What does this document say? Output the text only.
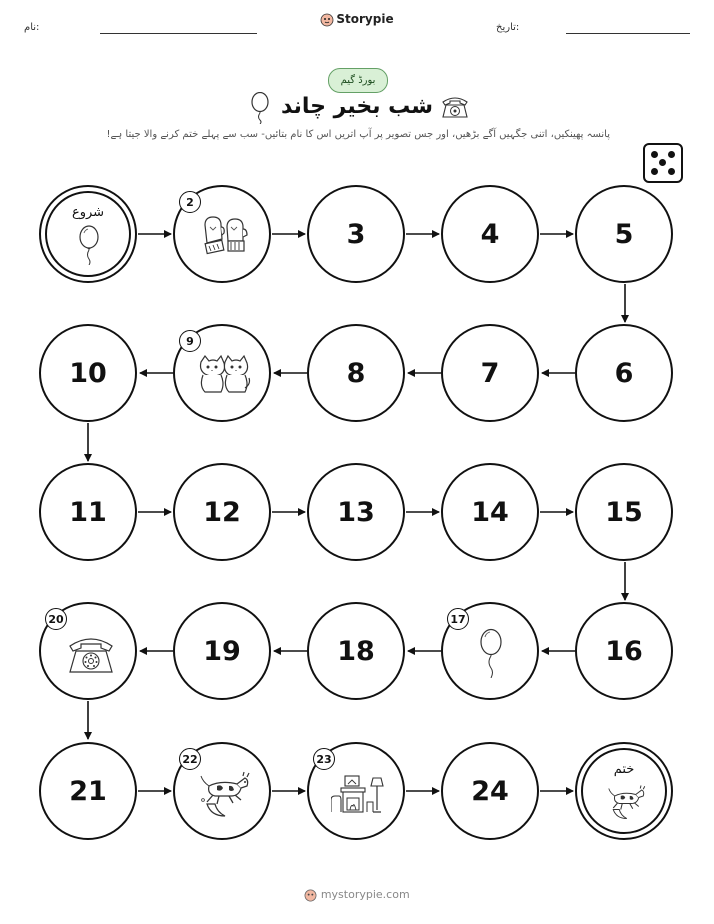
نام:
Storypie
تاریخ:
بورڈ گیم
شب بخیر چاند
پانسہ پھینکیں، اتنی جگہیں آگے بڑھیں، اور جس تصویر پر آپ اتریں اس کا نام بتائیں- سب سے پہلے ختم کرنے والا جیتا ہے!
شروع
2
3	4	5
10
9
8	7	6
11	12	13	14	15
20
19	18
17
16
21
22	23
24
ختم
mystorypie.com
